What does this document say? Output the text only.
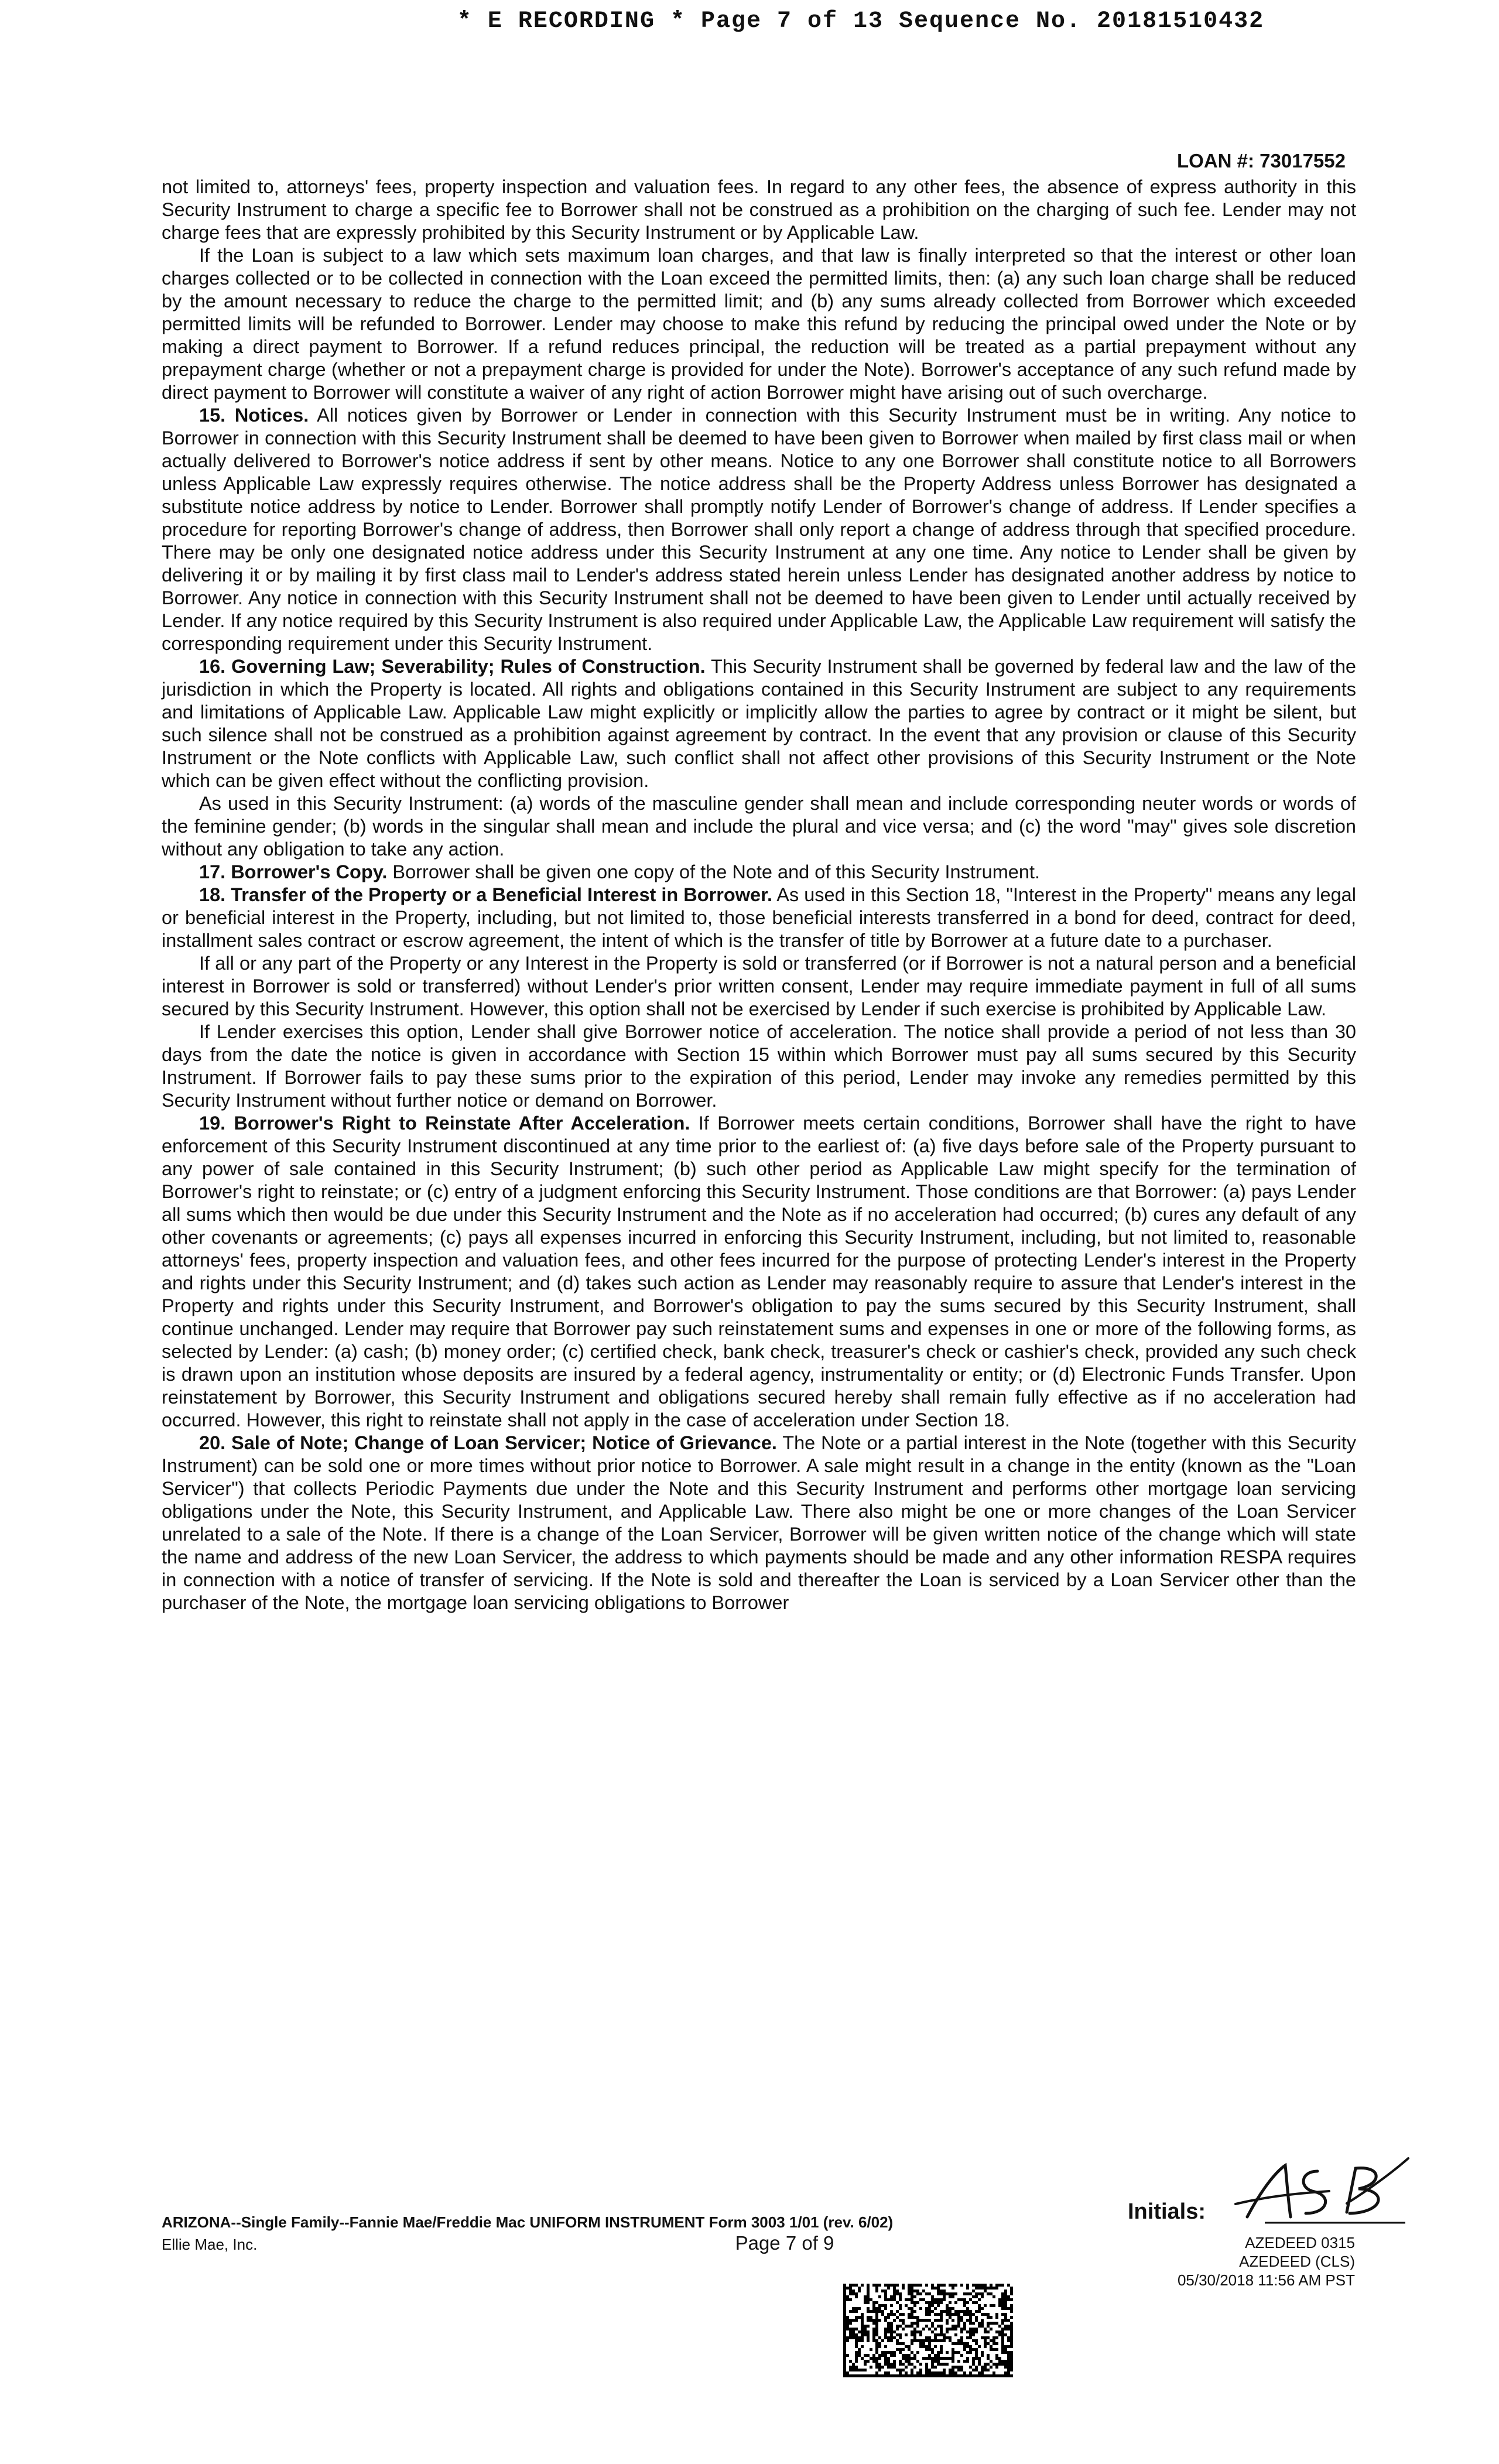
* E RECORDING * Page 7 of 13 Sequence No. 20181510432
LOAN #: 73017552

not limited to, attorneys' fees, property inspection and valuation fees. In regard to any other fees, the absence of express authority in this Security Instrument to charge a specific fee to Borrower shall not be construed as a prohibition on the charging of such fee. Lender may not charge fees that are expressly prohibited by this Security Instrument or by Applicable Law.

If the Loan is subject to a law which sets maximum loan charges, and that law is finally interpreted so that the interest or other loan charges collected or to be collected in connection with the Loan exceed the permitted limits, then: (a) any such loan charge shall be reduced by the amount necessary to reduce the charge to the permitted limit; and (b) any sums already collected from Borrower which exceeded permitted limits will be refunded to Borrower. Lender may choose to make this refund by reducing the principal owed under the Note or by making a direct payment to Borrower. If a refund reduces principal, the reduction will be treated as a partial prepayment without any prepayment charge (whether or not a prepayment charge is provided for under the Note). Borrower's acceptance of any such refund made by direct payment to Borrower will constitute a waiver of any right of action Borrower might have arising out of such overcharge.

15. Notices. All notices given by Borrower or Lender in connection with this Security Instrument must be in writing. Any notice to Borrower in connection with this Security Instrument shall be deemed to have been given to Borrower when mailed by first class mail or when actually delivered to Borrower's notice address if sent by other means. Notice to any one Borrower shall constitute notice to all Borrowers unless Applicable Law expressly requires otherwise. The notice address shall be the Property Address unless Borrower has designated a substitute notice address by notice to Lender. Borrower shall promptly notify Lender of Borrower's change of address. If Lender specifies a procedure for reporting Borrower's change of address, then Borrower shall only report a change of address through that specified procedure. There may be only one designated notice address under this Security Instrument at any one time. Any notice to Lender shall be given by delivering it or by mailing it by first class mail to Lender's address stated herein unless Lender has designated another address by notice to Borrower. Any notice in connection with this Security Instrument shall not be deemed to have been given to Lender until actually received by Lender. If any notice required by this Security Instrument is also required under Applicable Law, the Applicable Law requirement will satisfy the corresponding requirement under this Security Instrument.

16. Governing Law; Severability; Rules of Construction. This Security Instrument shall be governed by federal law and the law of the jurisdiction in which the Property is located. All rights and obligations contained in this Security Instrument are subject to any requirements and limitations of Applicable Law. Applicable Law might explicitly or implicitly allow the parties to agree by contract or it might be silent, but such silence shall not be construed as a prohibition against agreement by contract. In the event that any provision or clause of this Security Instrument or the Note conflicts with Applicable Law, such conflict shall not affect other provisions of this Security Instrument or the Note which can be given effect without the conflicting provision.

As used in this Security Instrument: (a) words of the masculine gender shall mean and include corresponding neuter words or words of the feminine gender; (b) words in the singular shall mean and include the plural and vice versa; and (c) the word "may" gives sole discretion without any obligation to take any action.

17. Borrower's Copy. Borrower shall be given one copy of the Note and of this Security Instrument.

18. Transfer of the Property or a Beneficial Interest in Borrower. As used in this Section 18, "Interest in the Property" means any legal or beneficial interest in the Property, including, but not limited to, those beneficial interests transferred in a bond for deed, contract for deed, installment sales contract or escrow agreement, the intent of which is the transfer of title by Borrower at a future date to a purchaser.

If all or any part of the Property or any Interest in the Property is sold or transferred (or if Borrower is not a natural person and a beneficial interest in Borrower is sold or transferred) without Lender's prior written consent, Lender may require immediate payment in full of all sums secured by this Security Instrument. However, this option shall not be exercised by Lender if such exercise is prohibited by Applicable Law.

If Lender exercises this option, Lender shall give Borrower notice of acceleration. The notice shall provide a period of not less than 30 days from the date the notice is given in accordance with Section 15 within which Borrower must pay all sums secured by this Security Instrument. If Borrower fails to pay these sums prior to the expiration of this period, Lender may invoke any remedies permitted by this Security Instrument without further notice or demand on Borrower.

19. Borrower's Right to Reinstate After Acceleration. If Borrower meets certain conditions, Borrower shall have the right to have enforcement of this Security Instrument discontinued at any time prior to the earliest of: (a) five days before sale of the Property pursuant to any power of sale contained in this Security Instrument; (b) such other period as Applicable Law might specify for the termination of Borrower's right to reinstate; or (c) entry of a judgment enforcing this Security Instrument. Those conditions are that Borrower: (a) pays Lender all sums which then would be due under this Security Instrument and the Note as if no acceleration had occurred; (b) cures any default of any other covenants or agreements; (c) pays all expenses incurred in enforcing this Security Instrument, including, but not limited to, reasonable attorneys' fees, property inspection and valuation fees, and other fees incurred for the purpose of protecting Lender's interest in the Property and rights under this Security Instrument; and (d) takes such action as Lender may reasonably require to assure that Lender's interest in the Property and rights under this Security Instrument, and Borrower's obligation to pay the sums secured by this Security Instrument, shall continue unchanged. Lender may require that Borrower pay such reinstatement sums and expenses in one or more of the following forms, as selected by Lender: (a) cash; (b) money order; (c) certified check, bank check, treasurer's check or cashier's check, provided any such check is drawn upon an institution whose deposits are insured by a federal agency, instrumentality or entity; or (d) Electronic Funds Transfer. Upon reinstatement by Borrower, this Security Instrument and obligations secured hereby shall remain fully effective as if no acceleration had occurred. However, this right to reinstate shall not apply in the case of acceleration under Section 18.

20. Sale of Note; Change of Loan Servicer; Notice of Grievance. The Note or a partial interest in the Note (together with this Security Instrument) can be sold one or more times without prior notice to Borrower. A sale might result in a change in the entity (known as the "Loan Servicer") that collects Periodic Payments due under the Note and this Security Instrument and performs other mortgage loan servicing obligations under the Note, this Security Instrument, and Applicable Law. There also might be one or more changes of the Loan Servicer unrelated to a sale of the Note. If there is a change of the Loan Servicer, Borrower will be given written notice of the change which will state the name and address of the new Loan Servicer, the address to which payments should be made and any other information RESPA requires in connection with a notice of transfer of servicing. If the Note is sold and thereafter the Loan is serviced by a Loan Servicer other than the purchaser of the Note, the mortgage loan servicing obligations to Borrower

ARIZONA--Single Family--Fannie Mae/Freddie Mac UNIFORM INSTRUMENT Form 3003 1/01 (rev. 6/02)
Ellie Mae, Inc.	Page 7 of 9
Initials:
AZEDEED 0315
AZEDEED (CLS)
05/30/2018 11:56 AM PST
